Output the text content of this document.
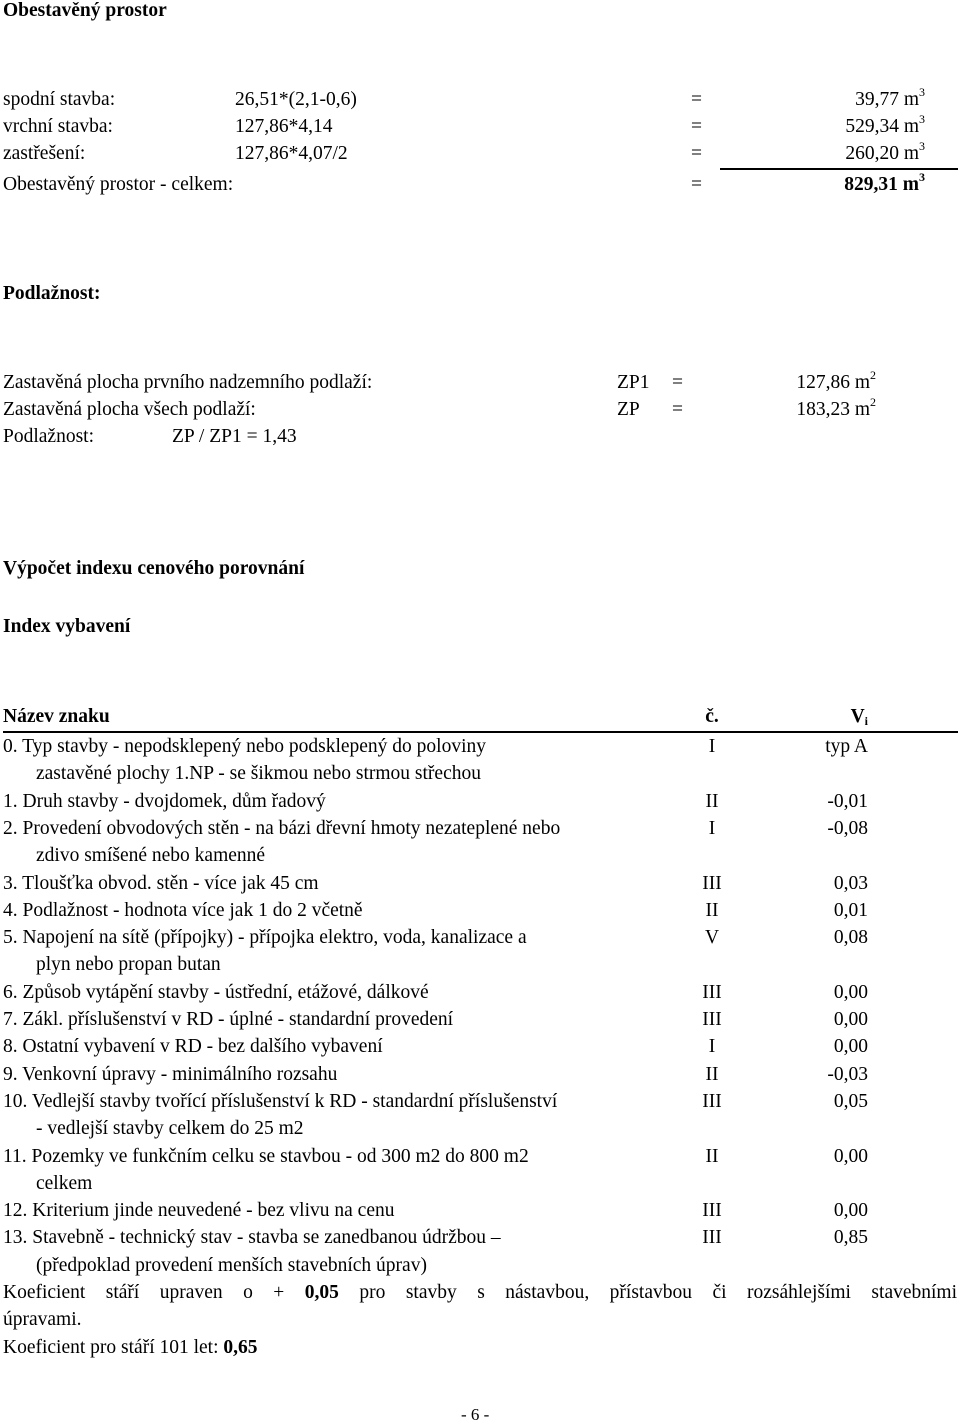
Obestavěný prostor
spodní stavba:	26,51*(2,1-0,6)	=	39,77 $m^3$
vrchní stavba:	127,86*4,14	=	529,34 $m^3$
zastřešení:	127,86*4,07/2	=	260,20 $m^3$
Obestavěný prostor - celkem:	=	829,31 $m^3$
Podlažnost:
Zastavěná plocha prvního nadzemního podlaží:	ZP1 =	127,86 $m^2$
Zastavěná plocha všech podlaží:	ZP =	183,23 $m^2$
Podlažnost:	ZP / ZP1 = 1,43
Výpočet indexu cenového porovnání
Index vybavení
Název znaku	č.	$V_i$
0. Typ stavby - nepodsklepený nebo podsklepený do poloviny	I	typ A
zastavěné plochy 1.NP - se šikmou nebo strmou střechou
1. Druh stavby - dvojdomek, dům řadový	II	-0,01
2. Provedení obvodových stěn - na bázi dřevní hmoty nezateplené nebo	I	-0,08
zdivo smíšené nebo kamenné
3. Tloušťka obvod. stěn - více jak 45 cm	III	0,03
4. Podlažnost - hodnota více jak 1 do 2 včetně	II	0,01
5. Napojení na sítě (přípojky) - přípojka elektro, voda, kanalizace a	V	0,08
plyn nebo propan butan
6. Způsob vytápění stavby - ústřední, etážové, dálkové	III	0,00
7. Zákl. příslušenství v RD - úplné - standardní provedení	III	0,00
8. Ostatní vybavení v RD - bez dalšího vybavení	I	0,00
9. Venkovní úpravy - minimálního rozsahu	II	-0,03
10. Vedlejší stavby tvořící příslušenství k RD - standardní příslušenství	III	0,05
- vedlejší stavby celkem do 25 m2
11. Pozemky ve funkčním celku se stavbou - od 300 m2 do 800 m2	II	0,00
celkem
12. Kriterium jinde neuvedené - bez vlivu na cenu	III	0,00
13. Stavebně - technický stav - stavba se zanedbanou údržbou –	III	0,85
(předpoklad provedení menších stavebních úprav)
Koeficient stáří upraven o + 0,05 pro stavby s nástavbou, přístavbou či rozsáhlejšími stavebními
úpravami.
Koeficient pro stáří 101 let: 0,65
- 6 -
